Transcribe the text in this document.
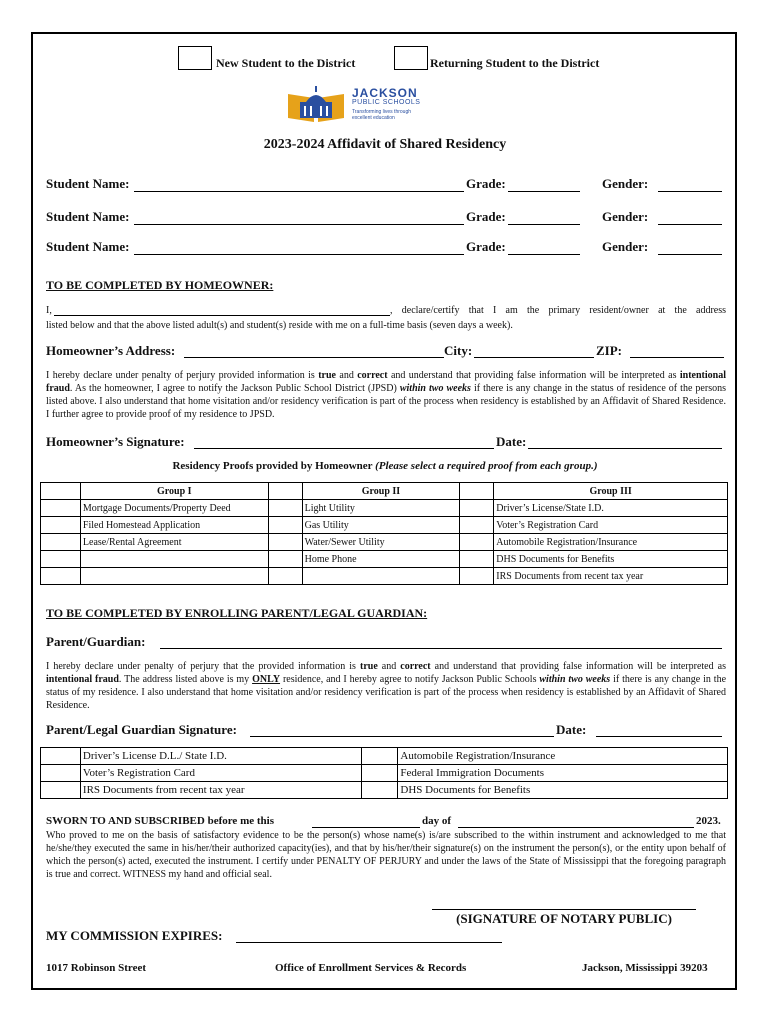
New Student to the District	Returning Student to the District
JACKSON
PUBLIC SCHOOLS
Transforming lives through
excellent education
2023-2024 Affidavit of Shared Residency
Student Name:	Grade:	Gender:
Student Name:	Grade:	Gender:
Student Name:	Grade:	Gender:
TO BE COMPLETED BY HOMEOWNER:
I,	, declare/certify that I am the primary resident/owner at the address
listed below and that the above listed adult(s) and student(s) reside with me on a full-time basis (seven days a week).
Homeowner’s Address:	City:	ZIP:
I hereby declare under penalty of perjury provided information is true and correct and understand that providing false information will be interpreted as intentional fraud. As the homeowner, I agree to notify the Jackson Public School District (JPSD) within two weeks if there is any change in the status of residence of the persons listed above. I also understand that home visitation and/or residency verification is part of the process when residency is established by an Affidavit of Shared Residence. I further agree to provide proof of my residence to JPSD.
Homeowner’s Signature:	Date:
Residency Proofs provided by Homeowner (Please select a required proof from each group.)
	Group I		Group II		Group III
	Mortgage Documents/Property Deed		Light Utility		Driver’s License/State I.D.
	Filed Homestead Application		Gas Utility		Voter’s Registration Card
	Lease/Rental Agreement		Water/Sewer Utility		Automobile Registration/Insurance
			Home Phone		DHS Documents for Benefits
					IRS Documents from recent tax year
TO BE COMPLETED BY ENROLLING PARENT/LEGAL GUARDIAN:
Parent/Guardian:
I hereby declare under penalty of perjury that the provided information is true and correct and understand that providing false information will be interpreted as intentional fraud. The address listed above is my ONLY residence, and I hereby agree to notify Jackson Public Schools within two weeks if there is any change in the status of my residence. I also understand that home visitation and/or residency verification is part of the process when residency is established by an Affidavit of Shared Residence.
Parent/Legal Guardian Signature:	Date:
	Driver’s License D.L./ State I.D.		Automobile Registration/Insurance
	Voter’s Registration Card		Federal Immigration Documents
	IRS Documents from recent tax year		DHS Documents for Benefits
SWORN TO AND SUBSCRIBED before me this	day of	2023.
Who proved to me on the basis of satisfactory evidence to be the person(s) whose name(s) is/are subscribed to the within instrument and acknowledged to me that he/she/they executed the same in his/her/their authorized capacity(ies), and that by his/her/their signature(s) on the instrument the person(s), or the entity upon behalf of which the person(s) acted, executed the instrument. I certify under PENALTY OF PERJURY and under the laws of the State of Mississippi that the foregoing paragraph is true and correct. WITNESS my hand and official seal.
(SIGNATURE OF NOTARY PUBLIC)
MY COMMISSION EXPIRES:
1017 Robinson Street	Office of Enrollment Services & Records	Jackson, Mississippi 39203
